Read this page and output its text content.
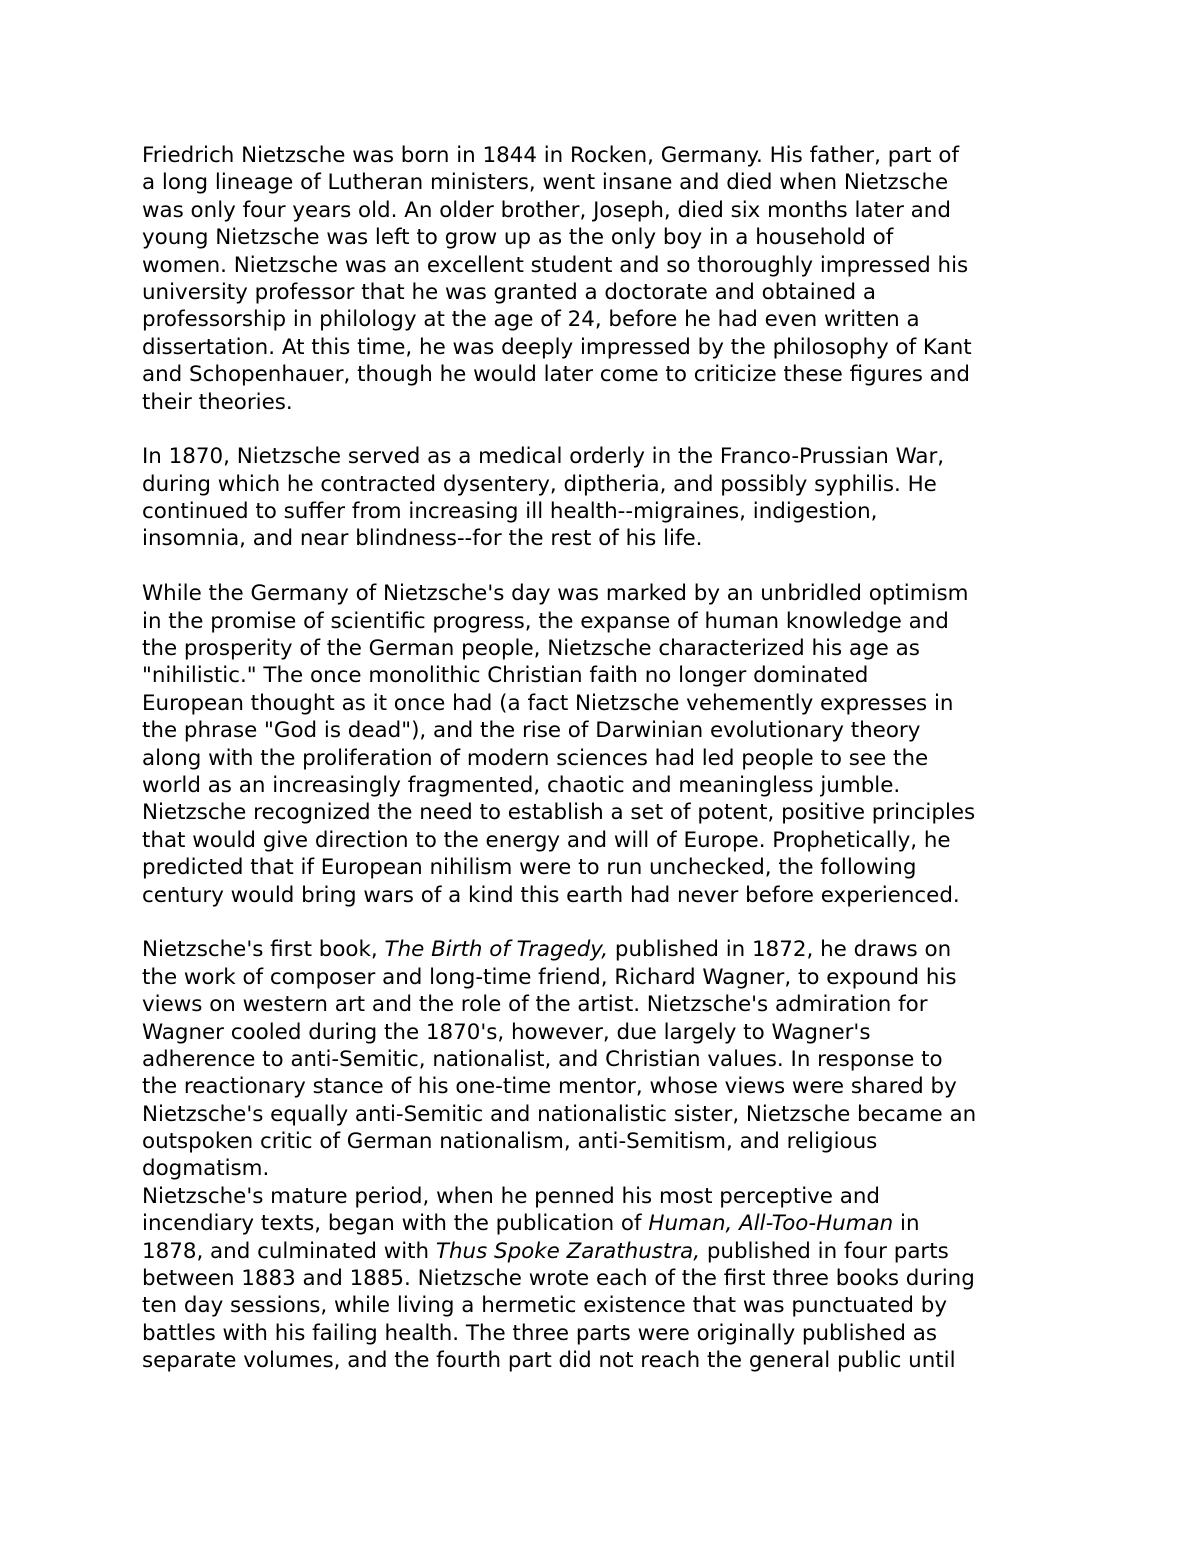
Friedrich Nietzsche was born in 1844 in Rocken, Germany. His father, part of
a long lineage of Lutheran ministers, went insane and died when Nietzsche
was only four years old. An older brother, Joseph, died six months later and
young Nietzsche was left to grow up as the only boy in a household of
women. Nietzsche was an excellent student and so thoroughly impressed his
university professor that he was granted a doctorate and obtained a
professorship in philology at the age of 24, before he had even written a
dissertation. At this time, he was deeply impressed by the philosophy of Kant
and Schopenhauer, though he would later come to criticize these figures and
their theories.

In 1870, Nietzsche served as a medical orderly in the Franco-Prussian War,
during which he contracted dysentery, diptheria, and possibly syphilis. He
continued to suffer from increasing ill health--migraines, indigestion,
insomnia, and near blindness--for the rest of his life.

While the Germany of Nietzsche's day was marked by an unbridled optimism
in the promise of scientific progress, the expanse of human knowledge and
the prosperity of the German people, Nietzsche characterized his age as
"nihilistic." The once monolithic Christian faith no longer dominated
European thought as it once had (a fact Nietzsche vehemently expresses in
the phrase "God is dead"), and the rise of Darwinian evolutionary theory
along with the proliferation of modern sciences had led people to see the
world as an increasingly fragmented, chaotic and meaningless jumble.
Nietzsche recognized the need to establish a set of potent, positive principles
that would give direction to the energy and will of Europe. Prophetically, he
predicted that if European nihilism were to run unchecked, the following
century would bring wars of a kind this earth had never before experienced.

Nietzsche's first book, The Birth of Tragedy, published in 1872, he draws on
the work of composer and long-time friend, Richard Wagner, to expound his
views on western art and the role of the artist. Nietzsche's admiration for
Wagner cooled during the 1870's, however, due largely to Wagner's
adherence to anti-Semitic, nationalist, and Christian values. In response to
the reactionary stance of his one-time mentor, whose views were shared by
Nietzsche's equally anti-Semitic and nationalistic sister, Nietzsche became an
outspoken critic of German nationalism, anti-Semitism, and religious
dogmatism.

Nietzsche's mature period, when he penned his most perceptive and
incendiary texts, began with the publication of Human, All-Too-Human in
1878, and culminated with Thus Spoke Zarathustra, published in four parts
between 1883 and 1885. Nietzsche wrote each of the first three books during
ten day sessions, while living a hermetic existence that was punctuated by
battles with his failing health. The three parts were originally published as
separate volumes, and the fourth part did not reach the general public until
